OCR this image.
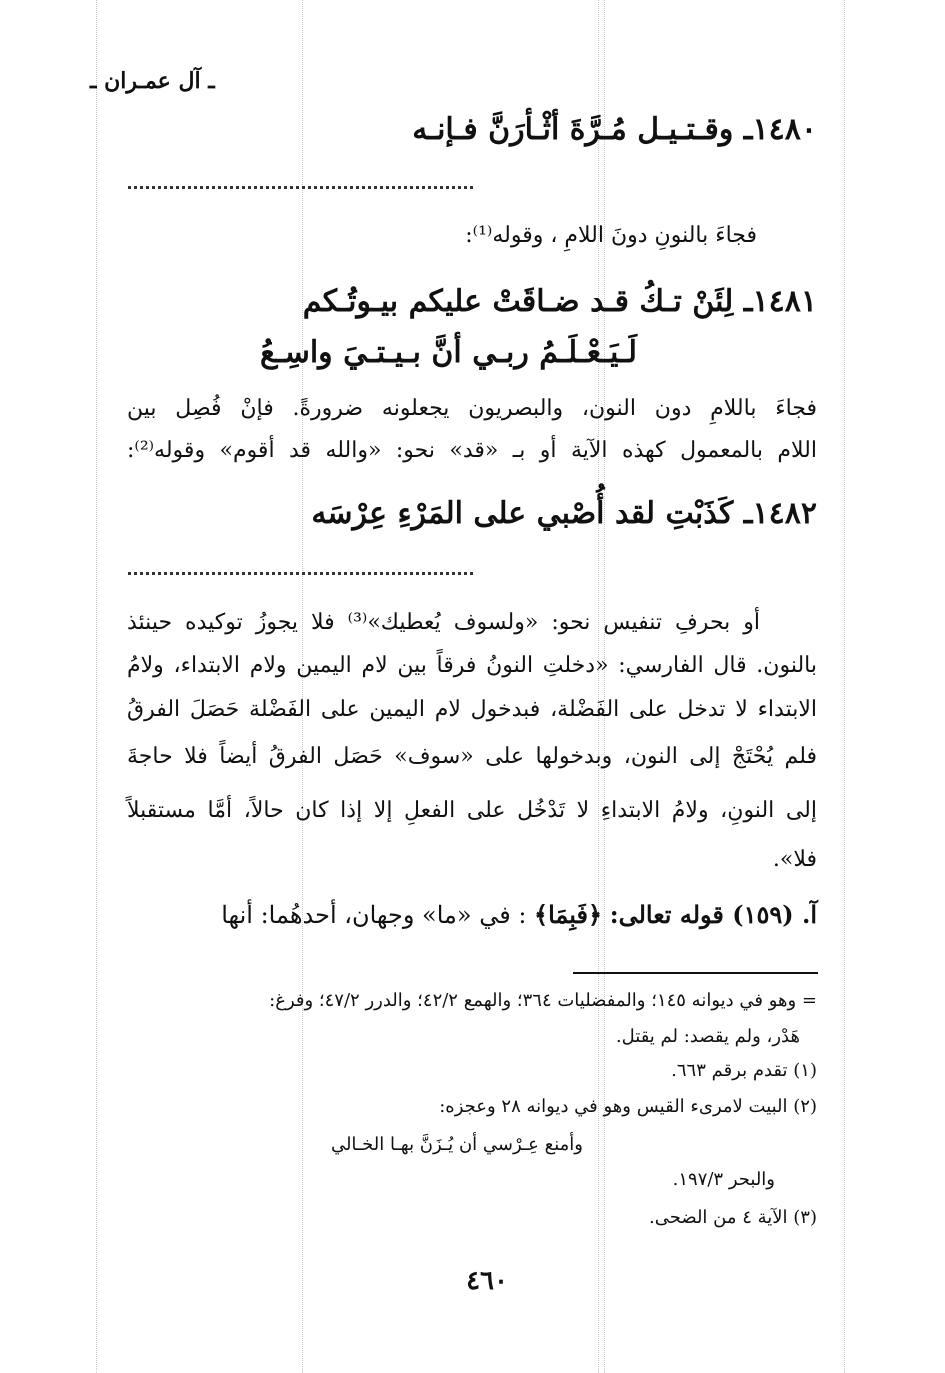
ـ آل عمـران ـ
١٤٨٠ـ وقـتـيـل مُـرَّةَ أثْـأرَنَّ فـإنـه
فجاءَ بالنونِ دونَ اللامِ ، وقوله⁽¹⁾:
١٤٨١ـ لِئَنْ تـكُ قـد ضـاقَتْ عليكم بيـوتُـكم
لَـيَـعْـلَـمُ ربـي أنَّ بـيـتـيَ واسِـعُ
فجاءَ باللامِ دون النون، والبصريون يجعلونه ضرورةً. فإنْ فُصِل بين
اللام بالمعمول كهذه الآية أو بـ «قد» نحو: «والله قد أقوم» وقوله⁽²⁾:
١٤٨٢ـ كَذَبْتِ لقد أُصْبي على المَرْءِ عِرْسَه
أو بحرفِ تنفيس نحو: «ولسوف يُعطيك»⁽³⁾ فلا يجوزُ توكيده حينئذ
بالنون. قال الفارسي: «دخلتِ النونُ فرقاً بين لام اليمين ولام الابتداء، ولامُ
الابتداء لا تدخل على الفَضْلة، فبدخول لام اليمين على الفَضْلة حَصَلَ الفرقُ
فلم يُحْتَجْ إلى النون، وبدخولها على «سوف» حَصَل الفرقُ أيضاً فلا حاجةَ
إلى النونِ، ولامُ الابتداءِ لا تَدْخُل على الفعلِ إلا إذا كان حالاً، أمَّا مستقبلاً
فلا».
آ. (١٥٩) قوله تعالى: ﴿فَبِمَا﴾ : في «ما» وجهان، أحدهُما: أنها
= وهو في ديوانه ١٤٥؛ والمفضليات ٣٦٤؛ والهمع ٤٢/٢؛ والدرر ٤٧/٢؛ وفرغ:
هَدْر، ولم يقصد: لم يقتل.
(١) تقدم برقم ٦٦٣.
(٢) البيت لامرىء القيس وهو في ديوانه ٢٨ وعجزه:
وأمنع عِـرْسي أن يُـزَنَّ بهـا الخـالي
والبحر ١٩٧/٣.
(٣) الآية ٤ من الضحى.
٤٦٠
